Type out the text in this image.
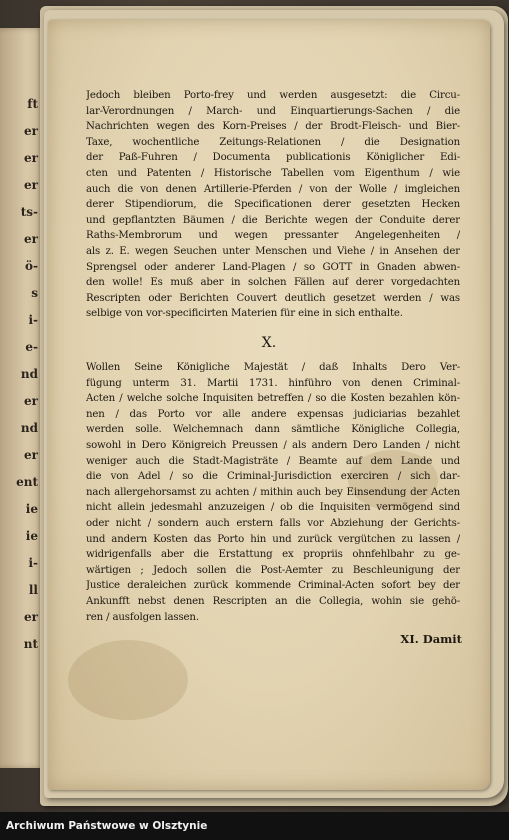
ft
er
er
er
ts-
er
ö-
s
i-
e-
nd
er
nd
er
ent
ie
ie
i-
ll
er
nt
Jedoch bleiben Porto-frey und werden ausgesetzt: die Circu-
lar-Verordnungen / March- und Einquartierungs-Sachen / die
Nachrichten wegen des Korn-Preises / der Brodt-Fleisch- und Bier-
Taxe, wochentliche Zeitungs-Relationen / die Designation
der Paß-Fuhren / Documenta publicationis Königlicher Edi-
cten und Patenten / Historische Tabellen vom Eigenthum / wie
auch die von denen Artillerie-Pferden / von der Wolle / imgleichen
derer Stipendiorum, die Specificationen derer gesetzten Hecken
und gepflantzten Bäumen / die Berichte wegen der Conduite derer
Raths-Membrorum und wegen pressanter Angelegenheiten /
als z. E. wegen Seuchen unter Menschen und Viehe / in Ansehen der
Sprengsel oder anderer Land-Plagen / so GOTT in Gnaden abwen-
den wolle! Es muß aber in solchen Fällen auf derer vorgedachten
Rescripten oder Berichten Couvert deutlich gesetzet werden / was
selbige von vor-specificirten Materien für eine in sich enthalte.
X.
Wollen Seine Königliche Majestät / daß Inhalts Dero Ver-
fügung unterm 31. Martii 1731. hinführo von denen Criminal-
Acten / welche solche Inquisiten betreffen / so die Kosten bezahlen kön-
nen / das Porto vor alle andere expensas judiciarias bezahlet
werden solle. Welchemnach dann sämtliche Königliche Collegia,
sowohl in Dero Königreich Preussen / als andern Dero Landen / nicht
weniger auch die Stadt-Magisträte / Beamte auf dem Lande und
die von Adel / so die Criminal-Jurisdiction exerciren / sich dar-
nach allergehorsamst zu achten / mithin auch bey Einsendung der Acten
nicht allein jedesmahl anzuzeigen / ob die Inquisiten vermögend sind
oder nicht / sondern auch erstern falls vor Abziehung der Gerichts-
und andern Kosten das Porto hin und zurück vergütchen zu lassen /
widrigenfalls aber die Erstattung ex propriis ohnfehlbahr zu ge-
wärtigen ; Jedoch sollen die Post-Aemter zu Beschleunigung der
Justice deraleichen zurück kommende Criminal-Acten sofort bey der
Ankunfft nebst denen Rescripten an die Collegia, wohin sie gehö-
ren / ausfolgen lassen.
XI. Damit
Archiwum Państwowe w Olsztynie
